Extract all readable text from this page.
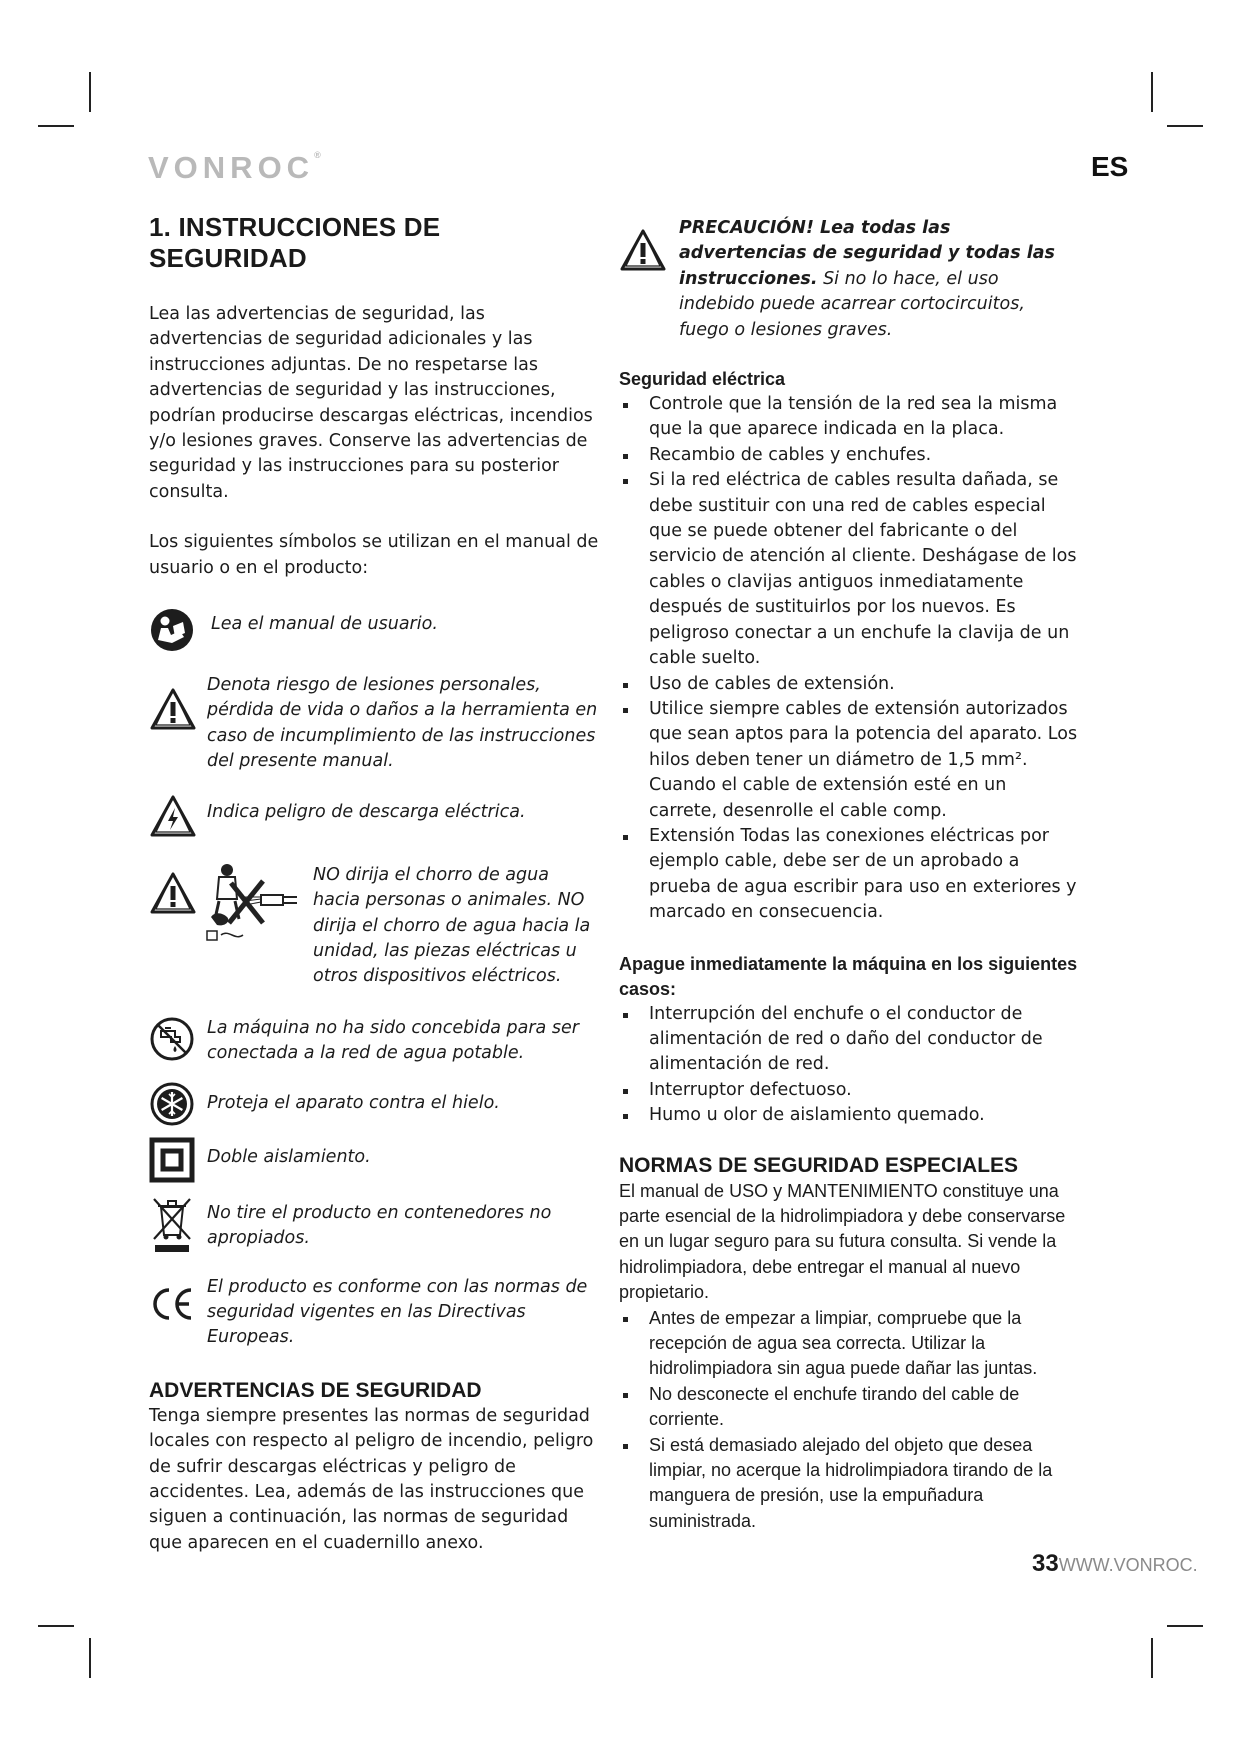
VONROC®	ES
1. INSTRUCCIONES DE SEGURIDAD

Lea las advertencias de seguridad, las advertencias de seguridad adicionales y las instrucciones adjuntas. De no respetarse las advertencias de seguridad y las instrucciones, podrían producirse descargas eléctricas, incendios y/o lesiones graves. Conserve las advertencias de seguridad y las instrucciones para su posterior consulta.

Los siguientes símbolos se utilizan en el manual de usuario o en el producto:

Lea el manual de usuario.

Denota riesgo de lesiones personales, pérdida de vida o daños a la herramienta en caso de incumplimiento de las instrucciones del presente manual.

Indica peligro de descarga eléctrica.

NO dirija el chorro de agua hacia personas o animales. NO dirija el chorro de agua hacia la unidad, las piezas eléctricas u otros dispositivos eléctricos.

La máquina no ha sido concebida para ser conectada a la red de agua potable.

Proteja el aparato contra el hielo.

Doble aislamiento.

No tire el producto en contenedores no apropiados.

El producto es conforme con las normas de seguridad vigentes en las Directivas Europeas.

ADVERTENCIAS DE SEGURIDAD

Tenga siempre presentes las normas de seguridad locales con respecto al peligro de incendio, peligro de sufrir descargas eléctricas y peligro de accidentes. Lea, además de las instrucciones que siguen a continuación, las normas de seguridad que aparecen en el cuadernillo anexo.

PRECAUCIÓN! Lea todas las advertencias de seguridad y todas las instrucciones. Si no lo hace, el uso indebido puede acarrear cortocircuitos, fuego o lesiones graves.

Seguridad eléctrica
Controle que la tensión de la red sea la misma que la que aparece indicada en la placa.
Recambio de cables y enchufes.
Si la red eléctrica de cables resulta dañada, se debe sustituir con una red de cables especial que se puede obtener del fabricante o del servicio de atención al cliente. Deshágase de los cables o clavijas antiguos inmediatamente después de sustituirlos por los nuevos. Es peligroso conectar a un enchufe la clavija de un cable suelto.
Uso de cables de extensión.
Utilice siempre cables de extensión autorizados que sean aptos para la potencia del aparato. Los hilos deben tener un diámetro de 1,5 mm². Cuando el cable de extensión esté en un carrete, desenrolle el cable comp.
Extensión Todas las conexiones eléctricas por ejemplo cable, debe ser de un aprobado a prueba de agua escribir para uso en exteriores y marcado en consecuencia.
Apague inmediatamente la máquina en los siguientes casos:
Interrupción del enchufe o el conductor de alimentación de red o daño del conductor de alimentación de red.
Interruptor defectuoso.
Humo u olor de aislamiento quemado.
NORMAS DE SEGURIDAD ESPECIALES

El manual de USO y MANTENIMIENTO constituye una parte esencial de la hidrolimpiadora y debe conservarse en un lugar seguro para su futura consulta. Si vende la hidrolimpiadora, debe entregar el manual al nuevo propietario.

Antes de empezar a limpiar, compruebe que la recepción de agua sea correcta. Utilizar la hidrolimpiadora sin agua puede dañar las juntas.
No desconecte el enchufe tirando del cable de corriente.
Si está demasiado alejado del objeto que desea limpiar, no acerque la hidrolimpiadora tirando de la manguera de presión, use la empuñadura suministrada.
33WWW.VONROC.
